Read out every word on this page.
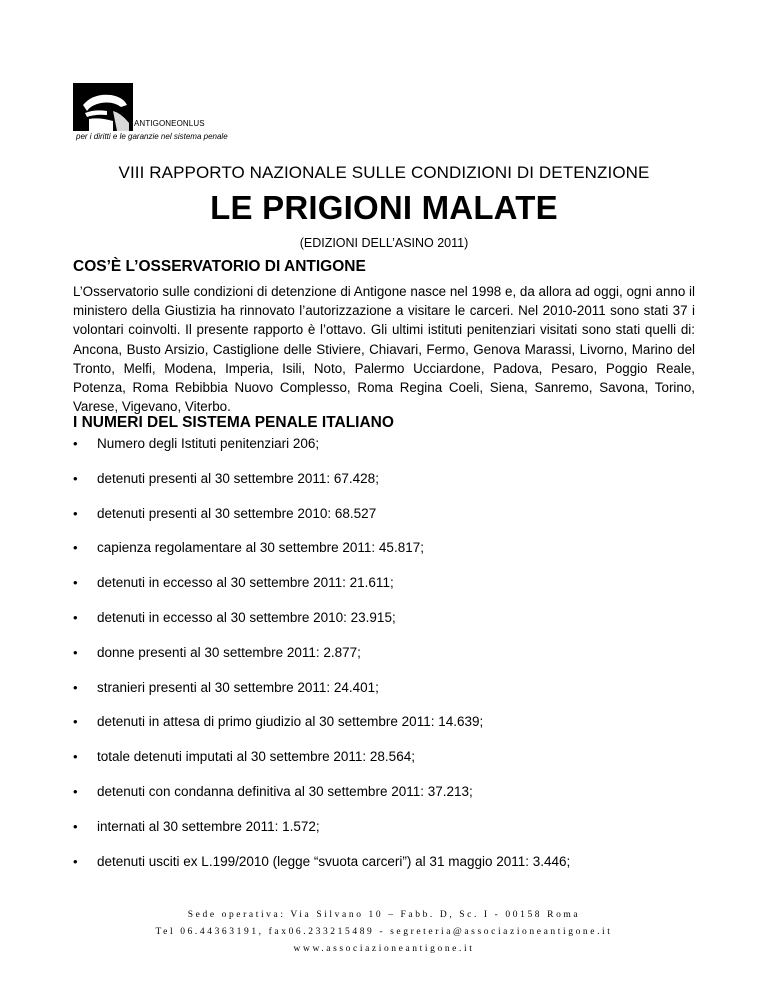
ANTIGONEONLUS
per i diritti e le garanzie nel sistema penale
VIII RAPPORTO NAZIONALE SULLE CONDIZIONI DI DETENZIONE
LE PRIGIONI MALATE
(EDIZIONI DELL’ASINO 2011)
COS’È L’OSSERVATORIO DI ANTIGONE
L’Osservatorio sulle condizioni di detenzione di Antigone nasce nel 1998 e, da allora ad oggi, ogni anno il ministero della Giustizia ha rinnovato l’autorizzazione a visitare le carceri. Nel 2010-2011 sono stati 37 i volontari coinvolti. Il presente rapporto è l’ottavo. Gli ultimi istituti penitenziari visitati sono stati quelli di: Ancona, Busto Arsizio, Castiglione delle Stiviere, Chiavari, Fermo, Genova Marassi, Livorno, Marino del Tronto, Melfi, Modena, Imperia, Isili, Noto, Palermo Ucciardone, Padova, Pesaro, Poggio Reale, Potenza, Roma Rebibbia Nuovo Complesso, Roma Regina Coeli, Siena, Sanremo, Savona, Torino, Varese, Vigevano, Viterbo.
I NUMERI DEL SISTEMA PENALE ITALIANO
• Numero degli Istituti penitenziari 206;
• detenuti presenti al 30 settembre 2011: 67.428;
• detenuti presenti al 30 settembre 2010: 68.527
• capienza regolamentare al 30 settembre 2011: 45.817;
• detenuti in eccesso al 30 settembre 2011: 21.611;
• detenuti in eccesso al 30 settembre 2010: 23.915;
• donne presenti al 30 settembre 2011: 2.877;
• stranieri presenti al 30 settembre 2011: 24.401;
• detenuti in attesa di primo giudizio al 30 settembre 2011: 14.639;
• totale detenuti imputati al 30 settembre 2011: 28.564;
• detenuti con condanna definitiva al 30 settembre 2011: 37.213;
• internati al 30 settembre 2011: 1.572;
• detenuti usciti ex L.199/2010 (legge “svuota carceri”) al 31 maggio 2011: 3.446;
Sede operativa: Via Silvano 10 – Fabb. D, Sc. I - 00158 Roma
Tel 06.44363191, fax06.233215489 - segreteria@associazioneantigone.it
www.associazioneantigone.it
